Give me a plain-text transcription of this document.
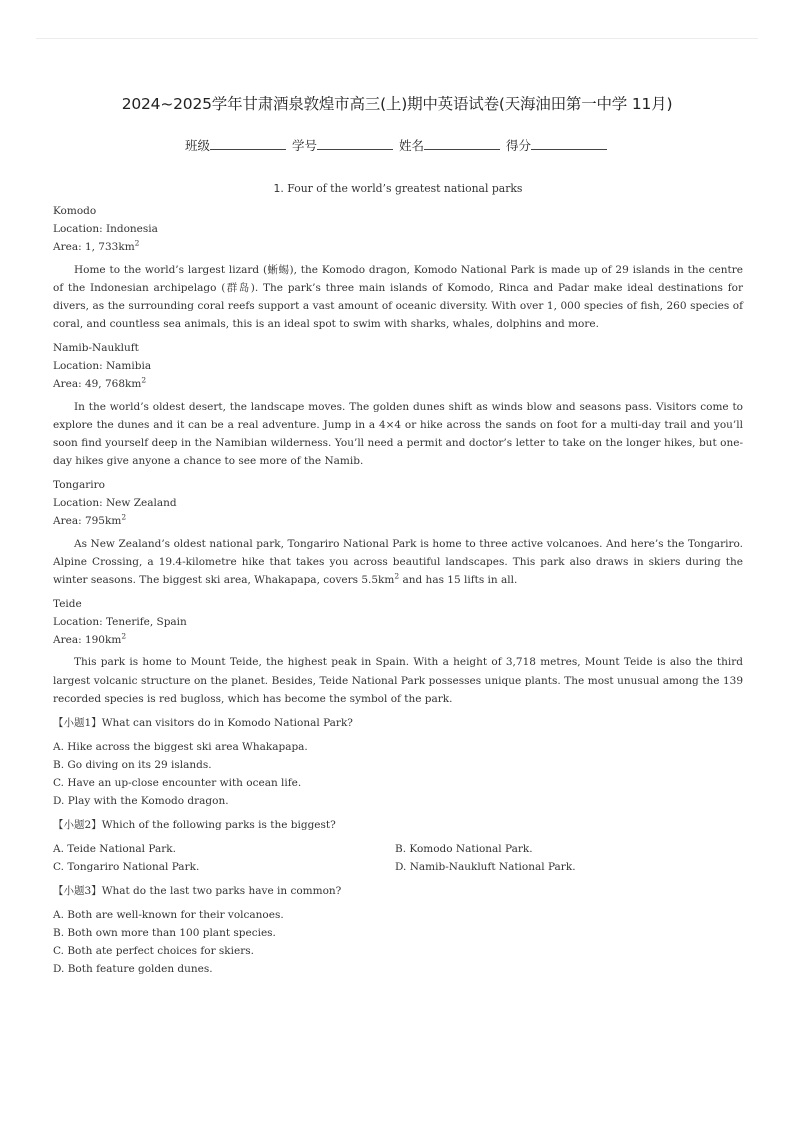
2024~2025学年甘肃酒泉敦煌市高三(上)期中英语试卷(天海油田第一中学 11月)
班级	学号	姓名	得分

1. Four of the world’s greatest national parks

Komodo
Location: Indonesia
Area: 1, $733km^2$

Home to the world’s largest lizard (蜥蜴), the Komodo dragon, Komodo National Park is made up of 29 islands in the centre of the Indonesian archipelago (群岛). The park’s three main islands of Komodo, Rinca and Padar make ideal destinations for divers, as the surrounding coral reefs support a vast amount of oceanic diversity. With over 1, 000 species of fish, 260 species of coral, and countless sea animals, this is an ideal spot to swim with sharks, whales, dolphins and more.

Namib-Naukluft
Location: Namibia
Area: 49, $768km^2$

In the world’s oldest desert, the landscape moves. The golden dunes shift as winds blow and seasons pass. Visitors come to explore the dunes and it can be a real adventure. Jump in a 4×4 or hike across the sands on foot for a multi-day trail and you’ll soon find yourself deep in the Namibian wilderness. You’ll need a permit and doctor’s letter to take on the longer hikes, but one-day hikes give anyone a chance to see more of the Namib.

Tongariro
Location: New Zealand
Area: $795km^2$

As New Zealand’s oldest national park, Tongariro National Park is home to three active volcanoes. And here’s the Tongariro. Alpine Crossing, a 19.4-kilometre hike that takes you across beautiful landscapes. This park also draws in skiers during the winter seasons. The biggest ski area, Whakapapa, covers $5.5km^2$ and has 15 lifts in all.

Teide
Location: Tenerife, Spain
Area: $190km^2$

This park is home to Mount Teide, the highest peak in Spain. With a height of 3,718 metres, Mount Teide is also the third largest volcanic structure on the planet. Besides, Teide National Park possesses unique plants. The most unusual among the 139 recorded species is red bugloss, which has become the symbol of the park.

【小题1】What can visitors do in Komodo National Park?
A. Hike across the biggest ski area Whakapapa.
B. Go diving on its 29 islands.
C. Have an up-close encounter with ocean life.
D. Play with the Komodo dragon.
【小题2】Which of the following parks is the biggest?
A. Teide National Park.	B. Komodo National Park.
C. Tongariro National Park.	D. Namib-Naukluft National Park.
【小题3】What do the last two parks have in common?
A. Both are well-known for their volcanoes.
B. Both own more than 100 plant species.
C. Both ate perfect choices for skiers.
D. Both feature golden dunes.
